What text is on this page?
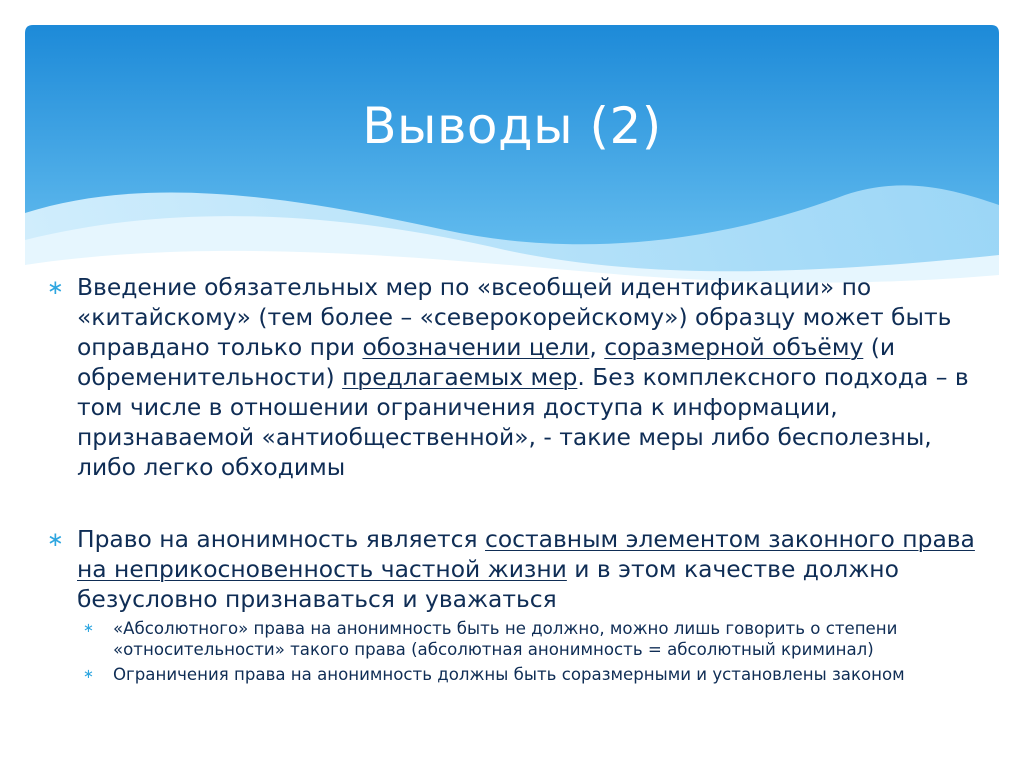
Выводы (2)
∗ Введение обязательных мер по «всеобщей идентификации» по «китайскому» (тем более – «северокорейскому») образцу может быть оправдано только при обозначении цели, соразмерной объёму (и обременительности) предлагаемых мер. Без комплексного подхода – в том числе в отношении ограничения доступа к информации, признаваемой «антиобщественной», - такие меры либо бесполезны, либо легко обходимы
∗ Право на анонимность является составным элементом законного права на неприкосновенность частной жизни и в этом качестве должно безусловно признаваться и уважаться
∗ «Абсолютного» права на анонимность быть не должно, можно лишь говорить о степени «относительности» такого права (абсолютная анонимность = абсолютный криминал)
∗ Ограничения права на анонимность должны быть соразмерными и установлены законом
